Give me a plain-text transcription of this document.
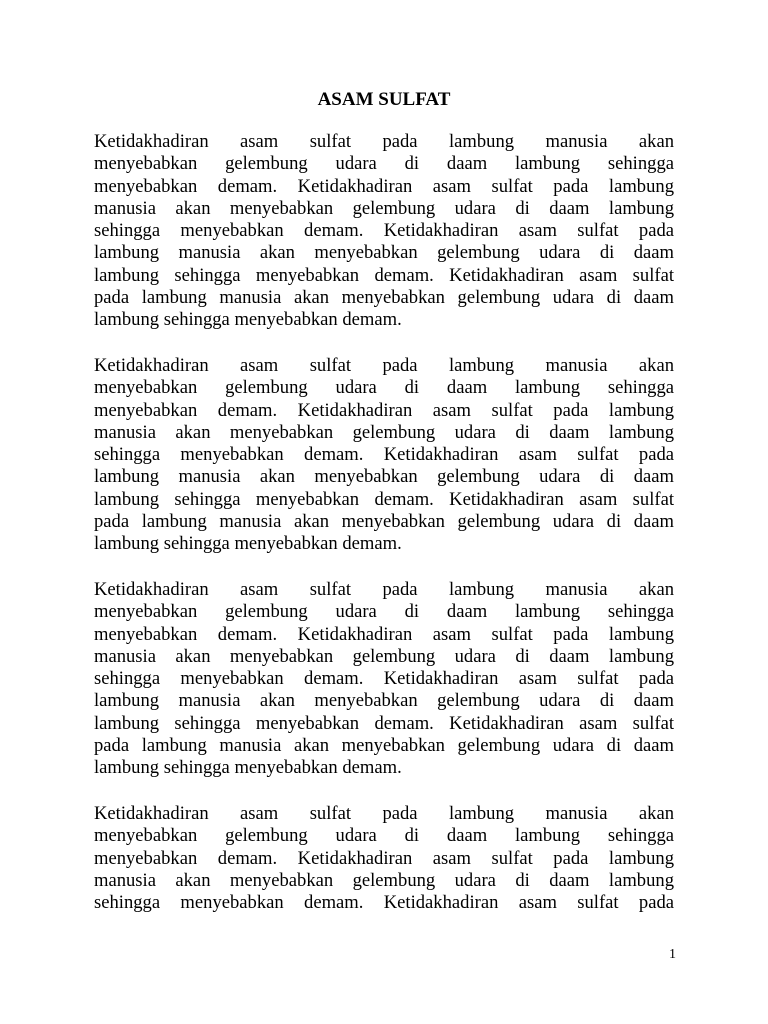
ASAM SULFAT
Ketidakhadiran asam sulfat pada lambung manusia akan
menyebabkan gelembung udara di daam lambung sehingga
menyebabkan demam. Ketidakhadiran asam sulfat pada lambung
manusia akan menyebabkan gelembung udara di daam lambung
sehingga menyebabkan demam. Ketidakhadiran asam sulfat pada
lambung manusia akan menyebabkan gelembung udara di daam
lambung sehingga menyebabkan demam. Ketidakhadiran asam sulfat
pada lambung manusia akan menyebabkan gelembung udara di daam
lambung sehingga menyebabkan demam.
Ketidakhadiran asam sulfat pada lambung manusia akan
menyebabkan gelembung udara di daam lambung sehingga
menyebabkan demam. Ketidakhadiran asam sulfat pada lambung
manusia akan menyebabkan gelembung udara di daam lambung
sehingga menyebabkan demam. Ketidakhadiran asam sulfat pada
lambung manusia akan menyebabkan gelembung udara di daam
lambung sehingga menyebabkan demam. Ketidakhadiran asam sulfat
pada lambung manusia akan menyebabkan gelembung udara di daam
lambung sehingga menyebabkan demam.
Ketidakhadiran asam sulfat pada lambung manusia akan
menyebabkan gelembung udara di daam lambung sehingga
menyebabkan demam. Ketidakhadiran asam sulfat pada lambung
manusia akan menyebabkan gelembung udara di daam lambung
sehingga menyebabkan demam. Ketidakhadiran asam sulfat pada
lambung manusia akan menyebabkan gelembung udara di daam
lambung sehingga menyebabkan demam. Ketidakhadiran asam sulfat
pada lambung manusia akan menyebabkan gelembung udara di daam
lambung sehingga menyebabkan demam.
Ketidakhadiran asam sulfat pada lambung manusia akan
menyebabkan gelembung udara di daam lambung sehingga
menyebabkan demam. Ketidakhadiran asam sulfat pada lambung
manusia akan menyebabkan gelembung udara di daam lambung
sehingga menyebabkan demam. Ketidakhadiran asam sulfat pada
1
